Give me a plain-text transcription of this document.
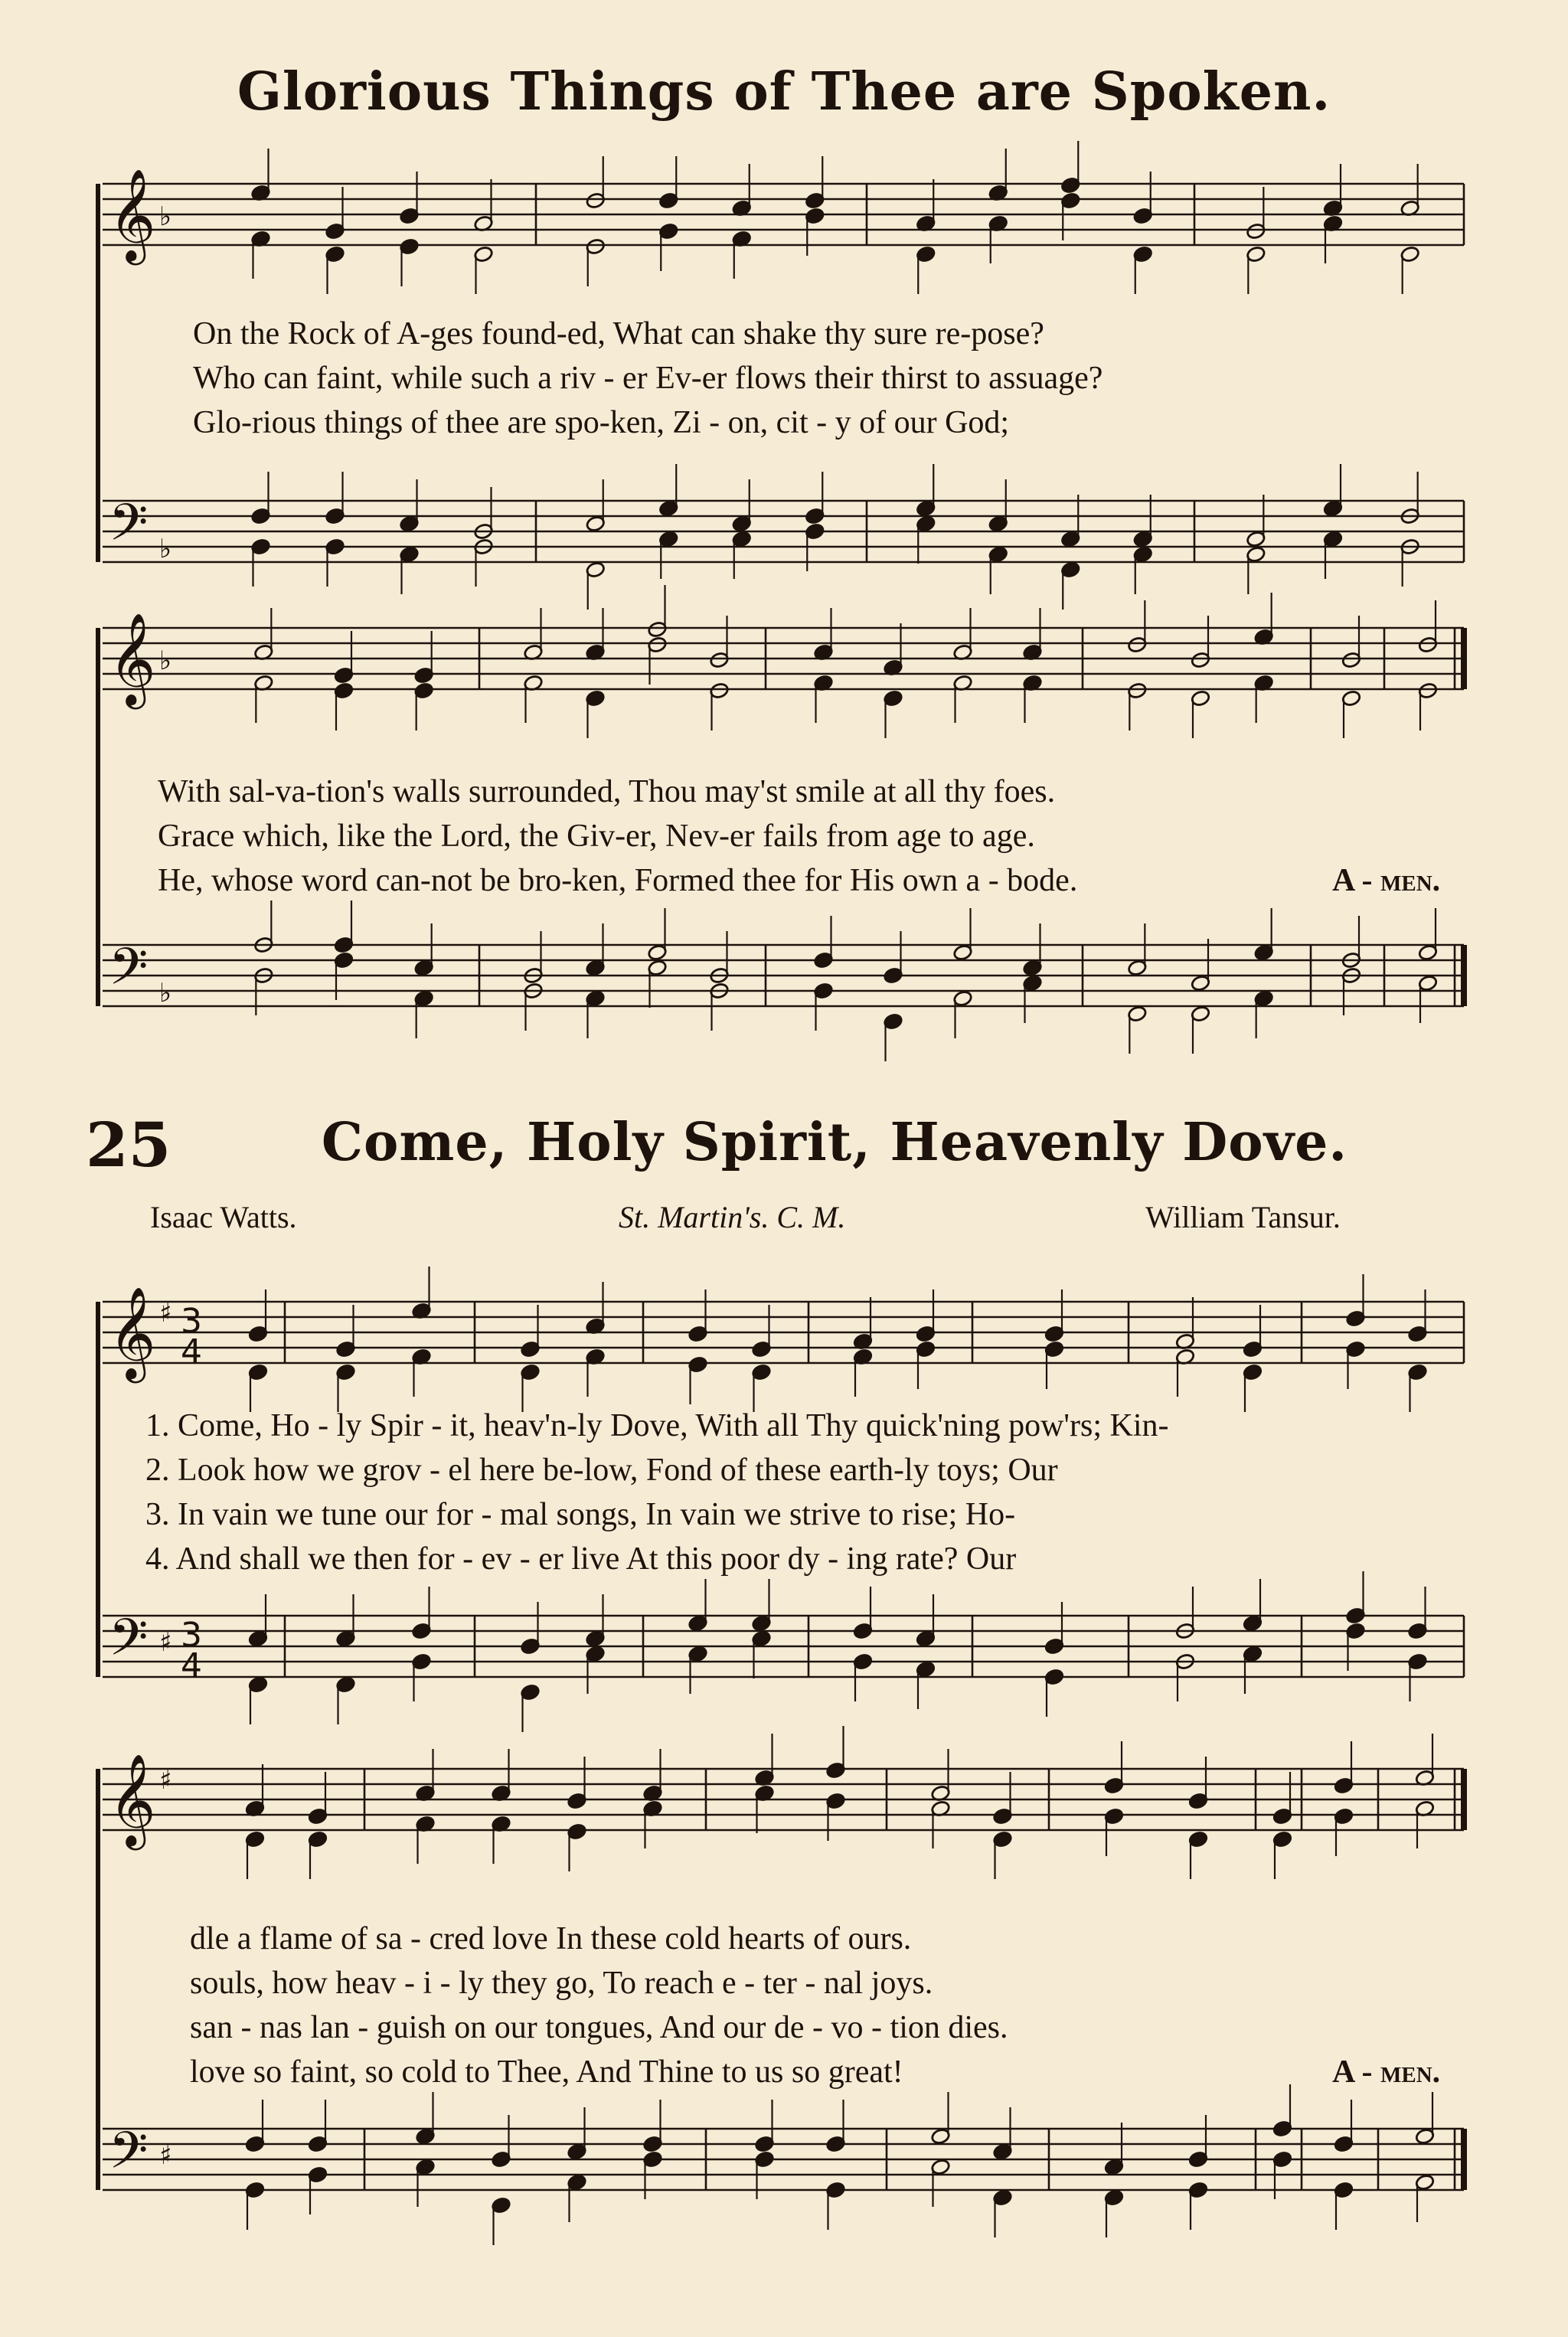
Glorious Things of Thee are Spoken.
On the Rock of A-ges found-ed, What can shake thy sure re-pose?
Who can faint, while such a riv - er Ev-er flows their thirst to assuage?
Glo-rious things of thee are spo-ken, Zi - on, cit - y of our God;
With sal-va-tion's walls surrounded, Thou may'st smile at all thy foes.
Grace which, like the Lord, the Giv-er, Nev-er fails from age to age.
He, whose word can-not be bro-ken, Formed thee for His own a - bode.	A - men.
25	Come, Holy Spirit, Heavenly Dove.
Isaac Watts.	St. Martin's. C. M.	William Tansur.
1. Come, Ho - ly Spir - it, heav'n-ly Dove, With all Thy quick'ning pow'rs; Kin-
2. Look how we grov - el here be-low, Fond of these earth-ly toys; Our
3. In vain we tune our for - mal songs, In vain we strive to rise; Ho-
4. And shall we then for - ev - er live At this poor dy - ing rate? Our
dle a flame of sa - cred love In these cold hearts of ours.
souls, how heav - i - ly they go, To reach e - ter - nal joys.
san - nas lan - guish on our tongues, And our de - vo - tion dies.
love so faint, so cold to Thee, And Thine to us so great!	A - men.
𝄞
𝄢
♭
♭
𝄞
𝄢
♭
♭
𝄞
𝄢
♯
♯
3
4
3
4
𝄞
𝄢
♯
♯
